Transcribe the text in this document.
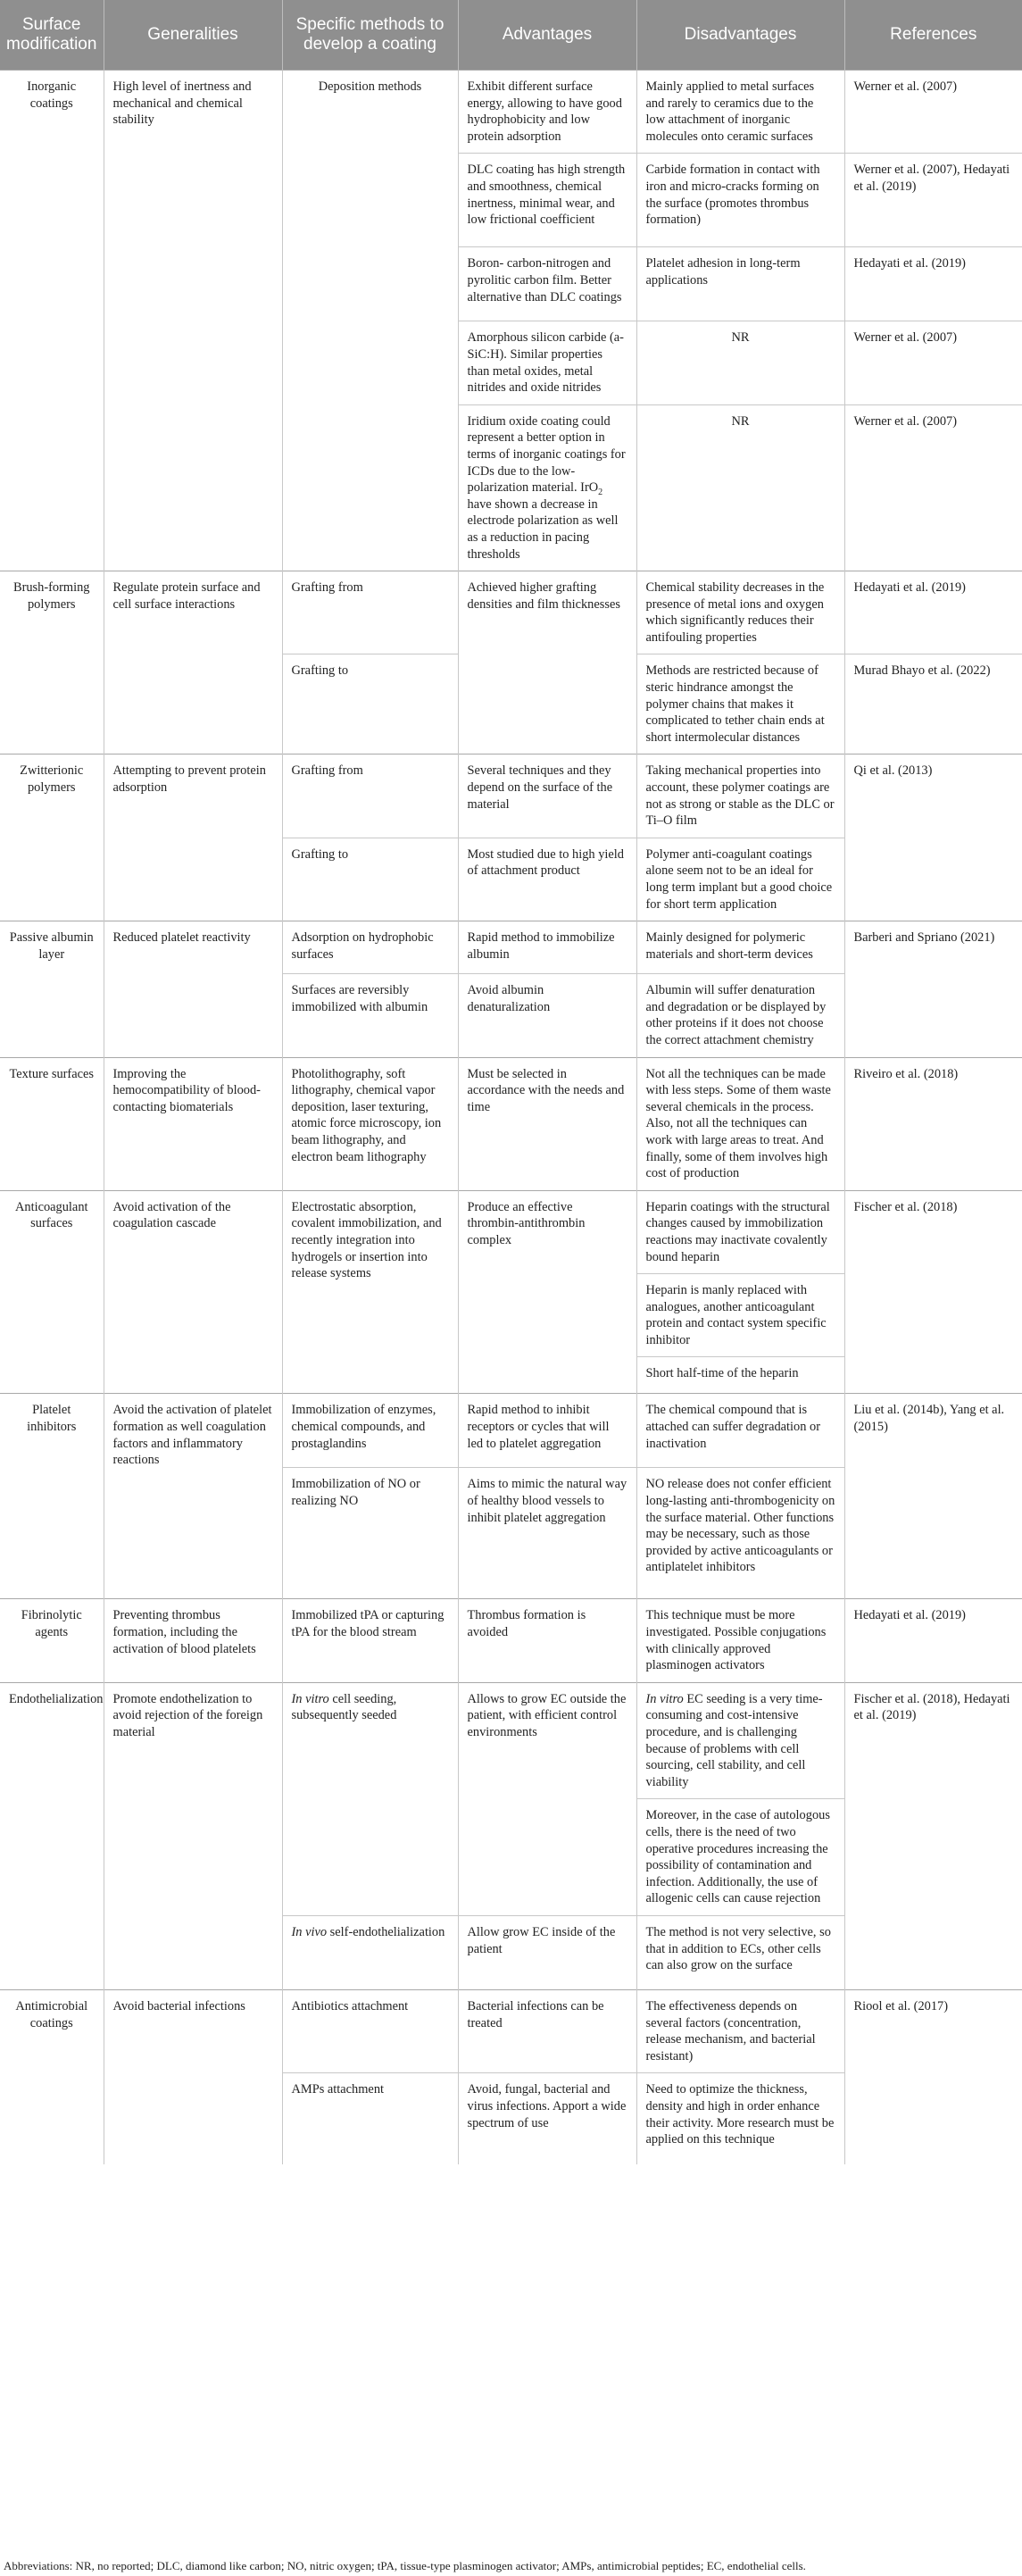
Surface modification	Generalities	Specific methods to develop a coating	Advantages	Disadvantages	References
Inorganic coatings	High level of inertness and mechanical and chemical stability	Deposition methods	Exhibit different surface energy, allowing to have good hydrophobicity and low protein adsorption	Mainly applied to metal surfaces and rarely to ceramics due to the low attachment of inorganic molecules onto ceramic surfaces	Werner et al. (2007)
			DLC coating has high strength and smoothness, chemical inertness, minimal wear, and low frictional coefficient	Carbide formation in contact with iron and micro-cracks forming on the surface (promotes thrombus formation)	Werner et al. (2007), Hedayati et al. (2019)
			Boron- carbon-nitrogen and pyrolitic carbon film. Better alternative than DLC coatings	Platelet adhesion in long-term applications	Hedayati et al. (2019)
			Amorphous silicon carbide (a-SiC:H). Similar properties than metal oxides, metal nitrides and oxide nitrides	NR	Werner et al. (2007)
			Iridium oxide coating could represent a better option in terms of inorganic coatings for ICDs due to the low-polarization material. IrO$_2$ have shown a decrease in electrode polarization as well as a reduction in pacing thresholds	NR	Werner et al. (2007)
Brush-forming polymers	Regulate protein surface and cell surface interactions	Grafting from	Achieved higher grafting densities and film thicknesses	Chemical stability decreases in the presence of metal ions and oxygen which significantly reduces their antifouling properties	Hedayati et al. (2019)
		Grafting to		Methods are restricted because of steric hindrance amongst the polymer chains that makes it complicated to tether chain ends at short intermolecular distances	Murad Bhayo et al. (2022)
Zwitterionic polymers	Attempting to prevent protein adsorption	Grafting from	Several techniques and they depend on the surface of the material	Taking mechanical properties into account, these polymer coatings are not as strong or stable as the DLC or Ti–O film	Qi et al. (2013)
		Grafting to	Most studied due to high yield of attachment product	Polymer anti-coagulant coatings alone seem not to be an ideal for long term implant but a good choice for short term application	
Passive albumin layer	Reduced platelet reactivity	Adsorption on hydrophobic surfaces	Rapid method to immobilize albumin	Mainly designed for polymeric materials and short-term devices	Barberi and Spriano (2021)
		Surfaces are reversibly immobilized with albumin	Avoid albumin denaturalization	Albumin will suffer denaturation and degradation or be displayed by other proteins if it does not choose the correct attachment chemistry	
Texture surfaces	Improving the hemocompatibility of blood-contacting biomaterials	Photolithography, soft lithography, chemical vapor deposition, laser texturing, atomic force microscopy, ion beam lithography, and electron beam lithography	Must be selected in accordance with the needs and time	Not all the techniques can be made with less steps. Some of them waste several chemicals in the process. Also, not all the techniques can work with large areas to treat. And finally, some of them involves high cost of production	Riveiro et al. (2018)
Anticoagulant surfaces	Avoid activation of the coagulation cascade	Electrostatic absorption, covalent immobilization, and recently integration into hydrogels or insertion into release systems	Produce an effective thrombin-antithrombin complex	Heparin coatings with the structural changes caused by immobilization reactions may inactivate covalently bound heparin	Fischer et al. (2018)
				Heparin is manly replaced with analogues, another anticoagulant protein and contact system specific inhibitor	
				Short half-time of the heparin	
Platelet inhibitors	Avoid the activation of platelet formation as well coagulation factors and inflammatory reactions	Immobilization of enzymes, chemical compounds, and prostaglandins	Rapid method to inhibit receptors or cycles that will led to platelet aggregation	The chemical compound that is attached can suffer degradation or inactivation	Liu et al. (2014b), Yang et al. (2015)
		Immobilization of NO or realizing NO	Aims to mimic the natural way of healthy blood vessels to inhibit platelet aggregation	NO release does not confer efficient long-lasting anti-thrombogenicity on the surface material. Other functions may be necessary, such as those provided by active anticoagulants or antiplatelet inhibitors	
Fibrinolytic agents	Preventing thrombus formation, including the activation of blood platelets	Immobilized tPA or capturing tPA for the blood stream	Thrombus formation is avoided	This technique must be more investigated. Possible conjugations with clinically approved plasminogen activators	Hedayati et al. (2019)
Endothelialization	Promote endothelization to avoid rejection of the foreign material	In vitro cell seeding, subsequently seeded	Allows to grow EC outside the patient, with efficient control environments	In vitro EC seeding is a very time-consuming and cost-intensive procedure, and is challenging because of problems with cell sourcing, cell stability, and cell viability	Fischer et al. (2018), Hedayati et al. (2019)
				Moreover, in the case of autologous cells, there is the need of two operative procedures increasing the possibility of contamination and infection. Additionally, the use of allogenic cells can cause rejection	
		In vivo self-endothelialization	Allow grow EC inside of the patient	The method is not very selective, so that in addition to ECs, other cells can also grow on the surface	
Antimicrobial coatings	Avoid bacterial infections	Antibiotics attachment	Bacterial infections can be treated	The effectiveness depends on several factors (concentration, release mechanism, and bacterial resistant)	Riool et al. (2017)
		AMPs attachment	Avoid, fungal, bacterial and virus infections. Apport a wide spectrum of use	Need to optimize the thickness, density and high in order enhance their activity. More research must be applied on this technique	
Abbreviations: NR, no reported; DLC, diamond like carbon; NO, nitric oxygen; tPA, tissue-type plasminogen activator; AMPs, antimicrobial peptides; EC, endothelial cells.
